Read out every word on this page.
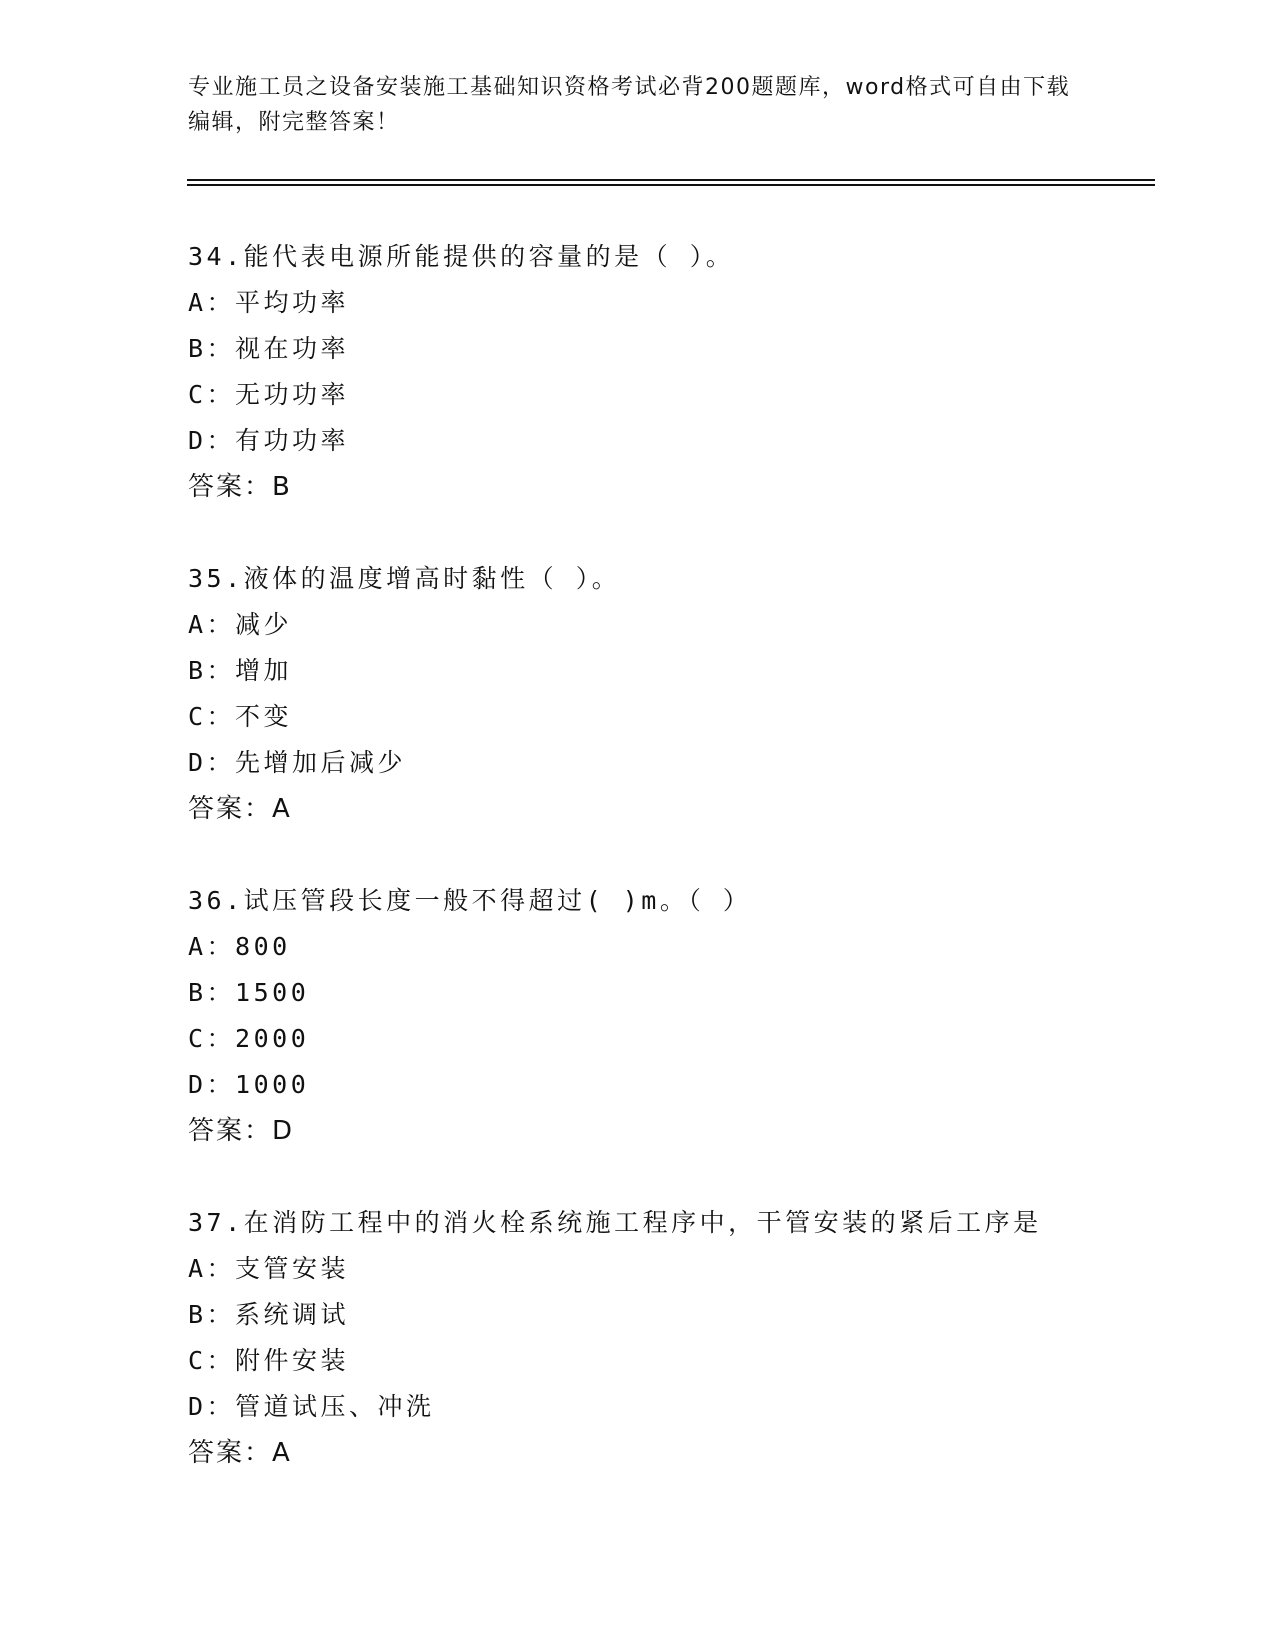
专业施工员之设备安装施工基础知识资格考试必背200题题库，word格式可自由下载编辑，附完整答案！
34.能代表电源所能提供的容量的是（ ）。
A：平均功率
B：视在功率
C：无功功率
D：有功功率
答案：B
35.液体的温度增高时黏性（ ）。
A：减少
B：增加
C：不变
D：先增加后减少
答案：A
36.试压管段长度一般不得超过( )m。（ ）
A：800
B：1500
C：2000
D：1000
答案：D
37.在消防工程中的消火栓系统施工程序中，干管安装的紧后工序是
A：支管安装
B：系统调试
C：附件安装
D：管道试压、冲洗
答案：A
